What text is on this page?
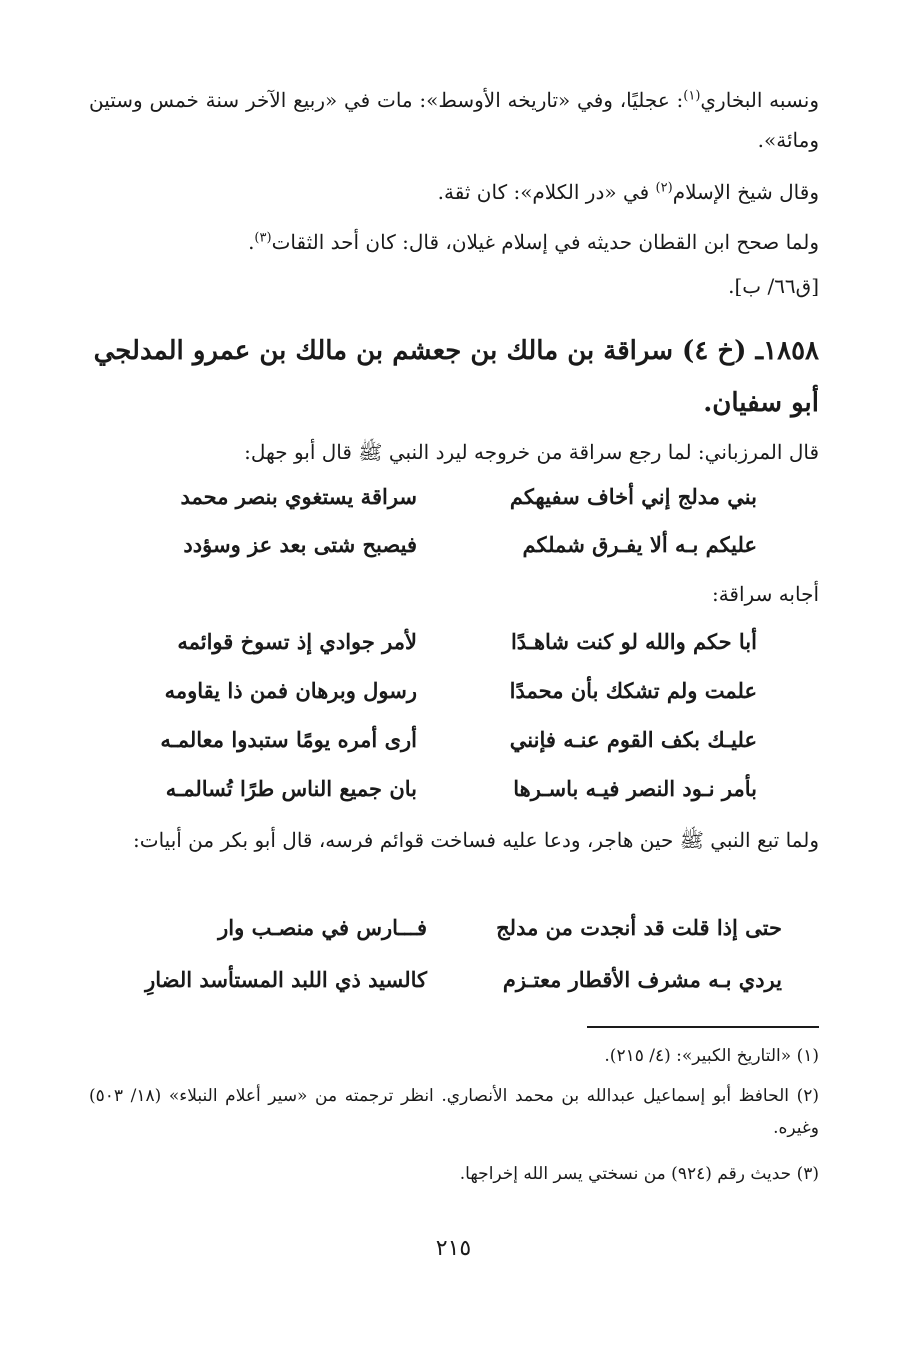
ونسبه البخاري$^{(١)}$: عجليًا، وفي «تاريخه الأوسط»: مات في «ربيع الآخر سنة خمس وستين ومائة».
وقال شيخ الإسلام$^{(٢)}$ في «در الكلام»: كان ثقة.
ولما صحح ابن القطان حديثه في إسلام غيلان، قال: كان أحد الثقات$^{(٣)}$.
[ق٦٦/ ب].
١٨٥٨ـ (خ ٤) سراقة بن مالك بن جعشم بن مالك بن عمرو المدلجي أبو سفيان.
قال المرزباني: لما رجع سراقة من خروجه ليرد النبي ﷺ قال أبو جهل:
بني مدلج إني أخاف سفيهكم
سراقة يستغوي بنصر محمد
عليكم بـه ألا يفـرق شملكم
فيصبح شتى بعد عز وسؤدد
أجابه سراقة:
أبا حكم والله لو كنت شاهـدًا
لأمر جوادي إذ تسوخ قوائمه
علمت ولم تشكك بأن محمدًا
رسول وبرهان فمن ذا يقاومه
عليـك بكف القوم عنـه فإنني
أرى أمره يومًا ستبدوا معالمـه
بأمر نـود النصر فيـه باسـرها
بان جميع الناس طرًا تُسالمـه
ولما تبع النبي ﷺ حين هاجر، ودعا عليه فساخت قوائم فرسه، قال أبو بكر من أبيات:
حتى إذا قلت قد أنجدت من مدلج
فـــارس في منصـب وار
يردي بـه مشرف الأقطار معتـزم
كالسيد ذي اللبد المستأسد الضارِ
(١) «التاريخ الكبير»: (٤/ ٢١٥).
(٢) الحافظ أبو إسماعيل عبدالله بن محمد الأنصاري. انظر ترجمته من «سير أعلام النبلاء» (١٨/ ٥٠٣) وغيره.
(٣) حديث رقم (٩٢٤) من نسختي يسر الله إخراجها.
٢١٥
